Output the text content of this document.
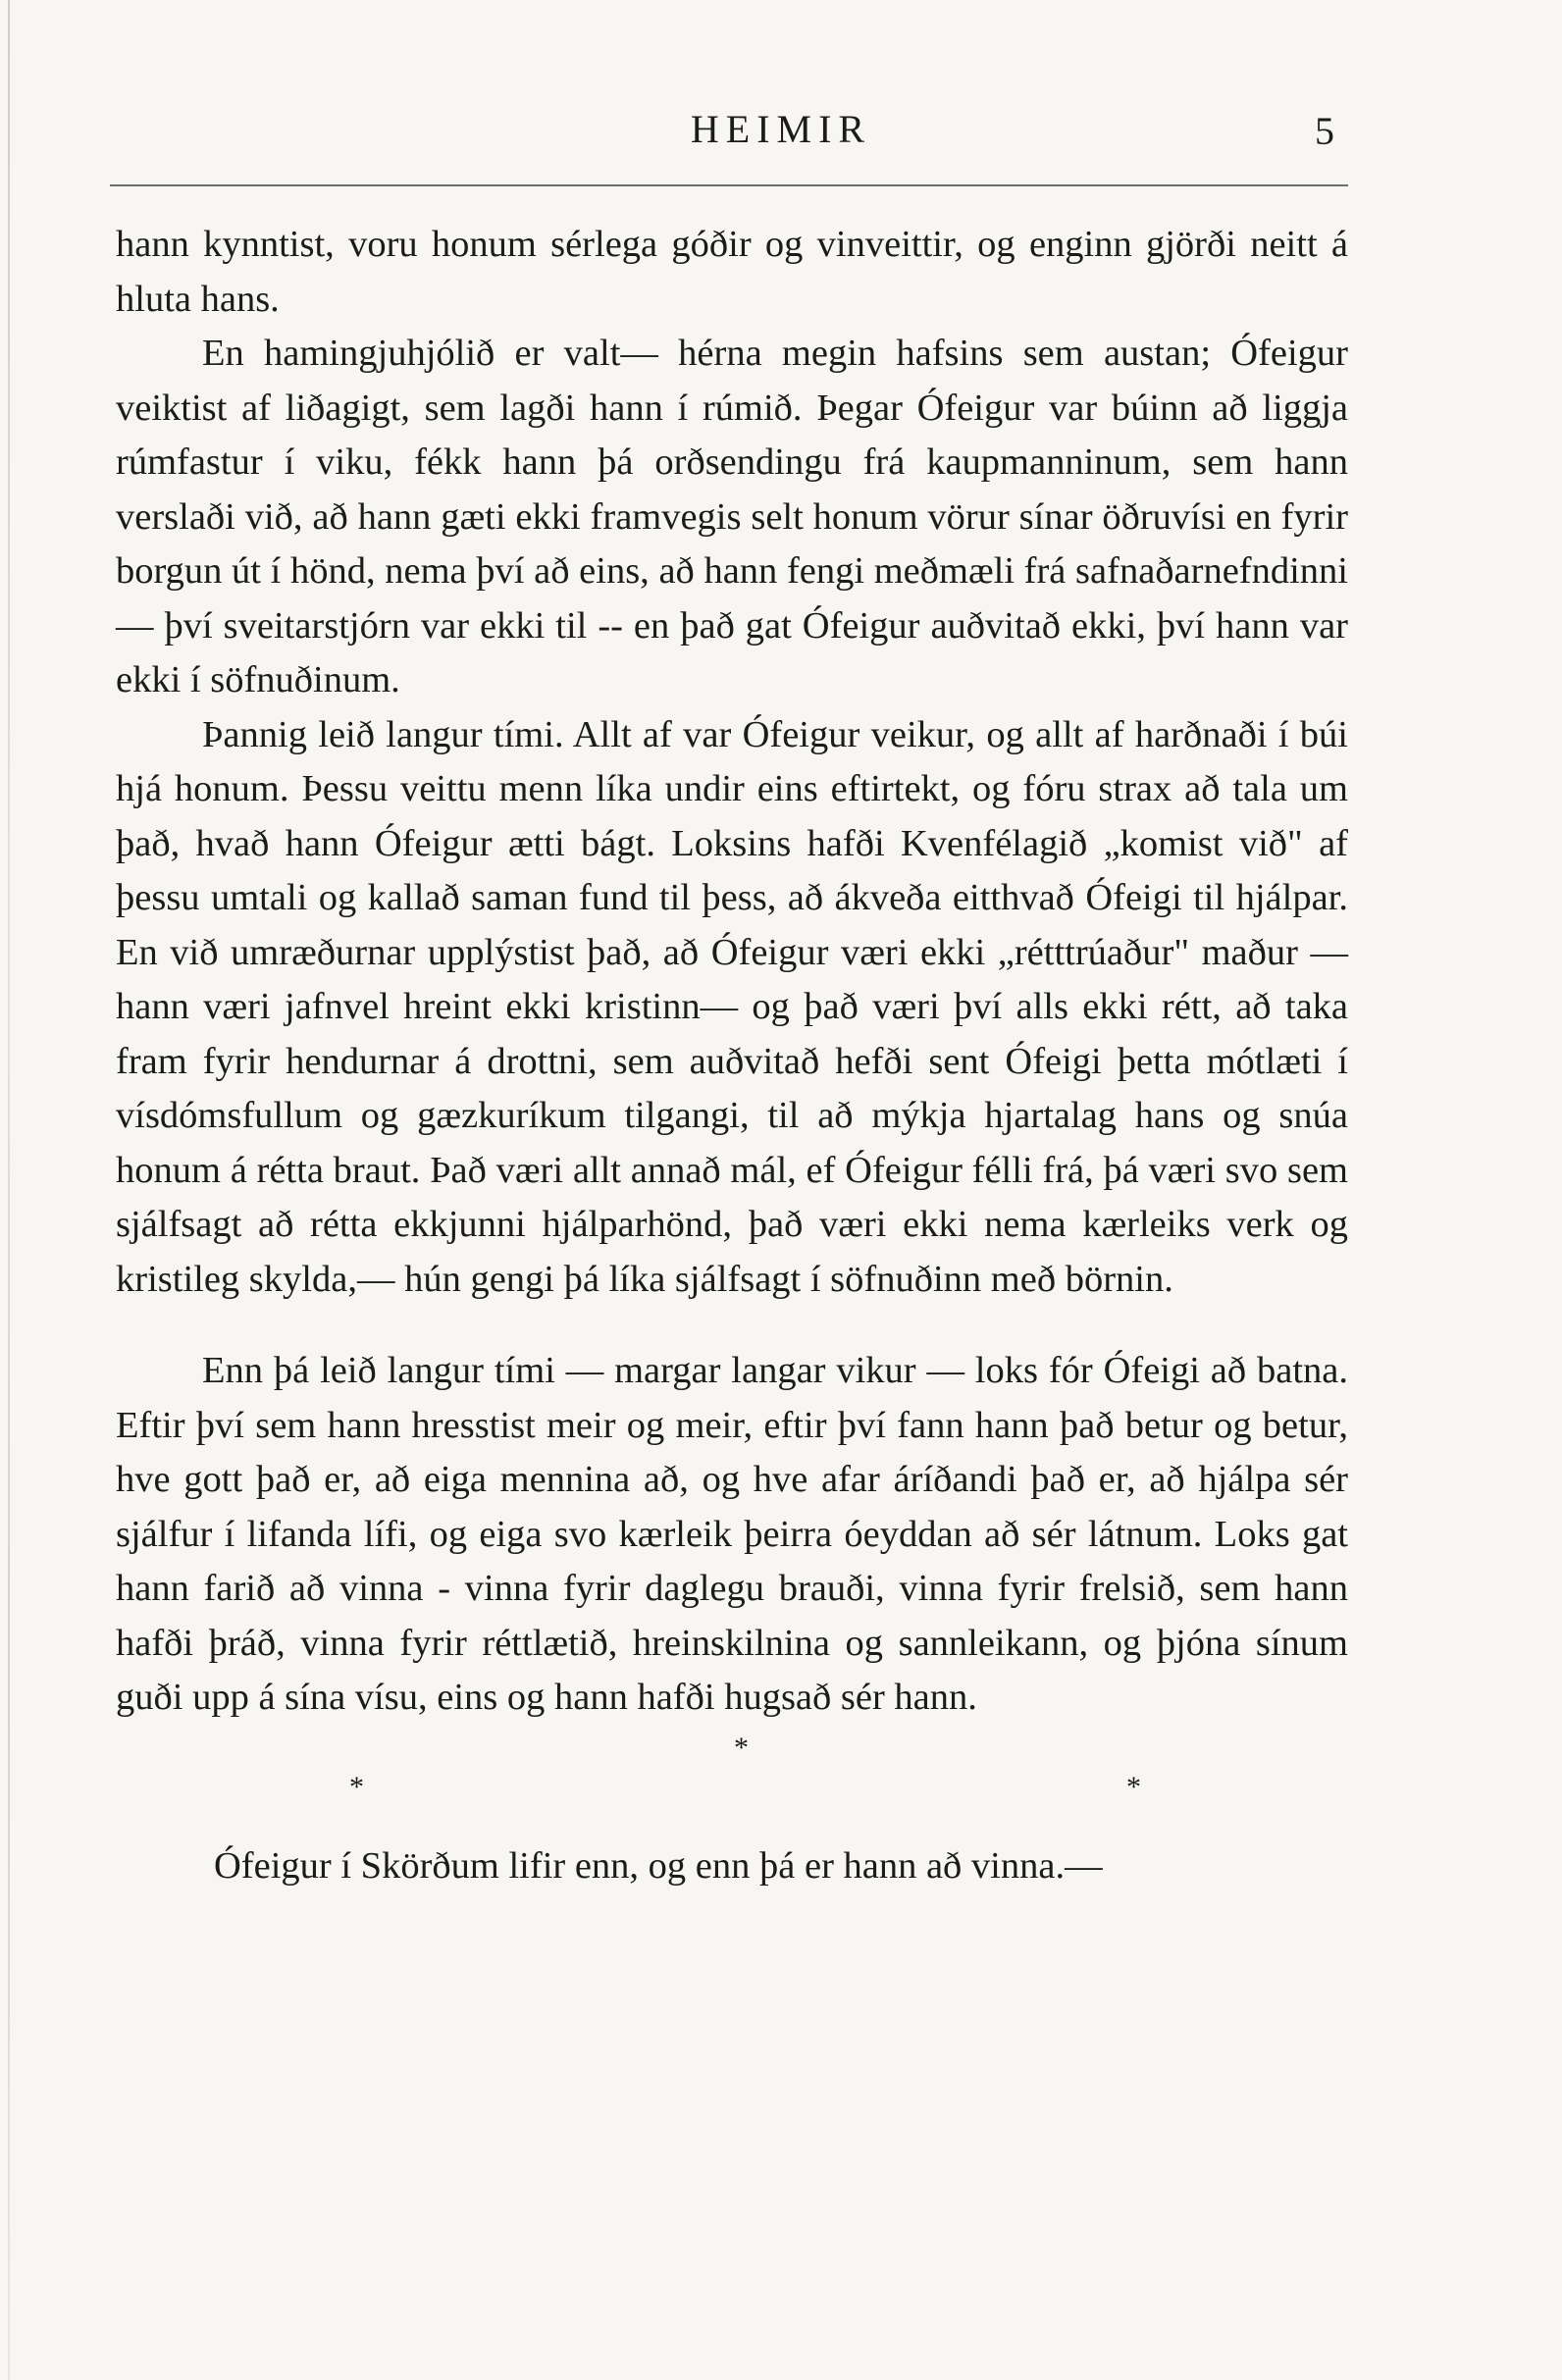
HEIMIR	5

hann kynntist, voru honum sérlega góðir og vinveittir, og enginn gjörði neitt á hluta hans.

En hamingjuhjólið er valt— hérna megin hafsins sem austan; Ófeigur veiktist af liðagigt, sem lagði hann í rúmið. Þegar Ófeigur var búinn að liggja rúmfastur í viku, fékk hann þá orðsendingu frá kaupmanninum, sem hann verslaði við, að hann gæti ekki framvegis selt honum vörur sínar öðruvísi en fyrir borgun út í hönd, nema því að eins, að hann fengi meðmæli frá safnaðarnefndinni — því sveitarstjórn var ekki til -- en það gat Ófeigur auðvitað ekki, því hann var ekki í söfnuðinum.

Þannig leið langur tími. Allt af var Ófeigur veikur, og allt af harðnaði í búi hjá honum. Þessu veittu menn líka undir eins eftirtekt, og fóru strax að tala um það, hvað hann Ófeigur ætti bágt. Loksins hafði Kvenfélagið „komist við" af þessu umtali og kallað saman fund til þess, að ákveða eitthvað Ófeigi til hjálpar. En við umræðurnar upplýstist það, að Ófeigur væri ekki „rétttrúaður" maður — hann væri jafnvel hreint ekki kristinn— og það væri því alls ekki rétt, að taka fram fyrir hendurnar á drottni, sem auðvitað hefði sent Ófeigi þetta mótlæti í vísdómsfullum og gæzkuríkum tilgangi, til að mýkja hjartalag hans og snúa honum á rétta braut. Það væri allt annað mál, ef Ófeigur félli frá, þá væri svo sem sjálfsagt að rétta ekkjunni hjálparhönd, það væri ekki nema kærleiks verk og kristileg skylda,— hún gengi þá líka sjálfsagt í söfnuðinn með börnin.

Enn þá leið langur tími — margar langar vikur — loks fór Ófeigi að batna. Eftir því sem hann hresstist meir og meir, eftir því fann hann það betur og betur, hve gott það er, að eiga mennina að, og hve afar áríðandi það er, að hjálpa sér sjálfur í lifanda lífi, og eiga svo kærleik þeirra óeyddan að sér látnum. Loks gat hann farið að vinna - vinna fyrir daglegu brauði, vinna fyrir frelsið, sem hann hafði þráð, vinna fyrir réttlætið, hreinskilnina og sannleikann, og þjóna sínum guði upp á sína vísu, eins og hann hafði hugsað sér hann.

*
*	*

Ófeigur í Skörðum lifir enn, og enn þá er hann að vinna.—
